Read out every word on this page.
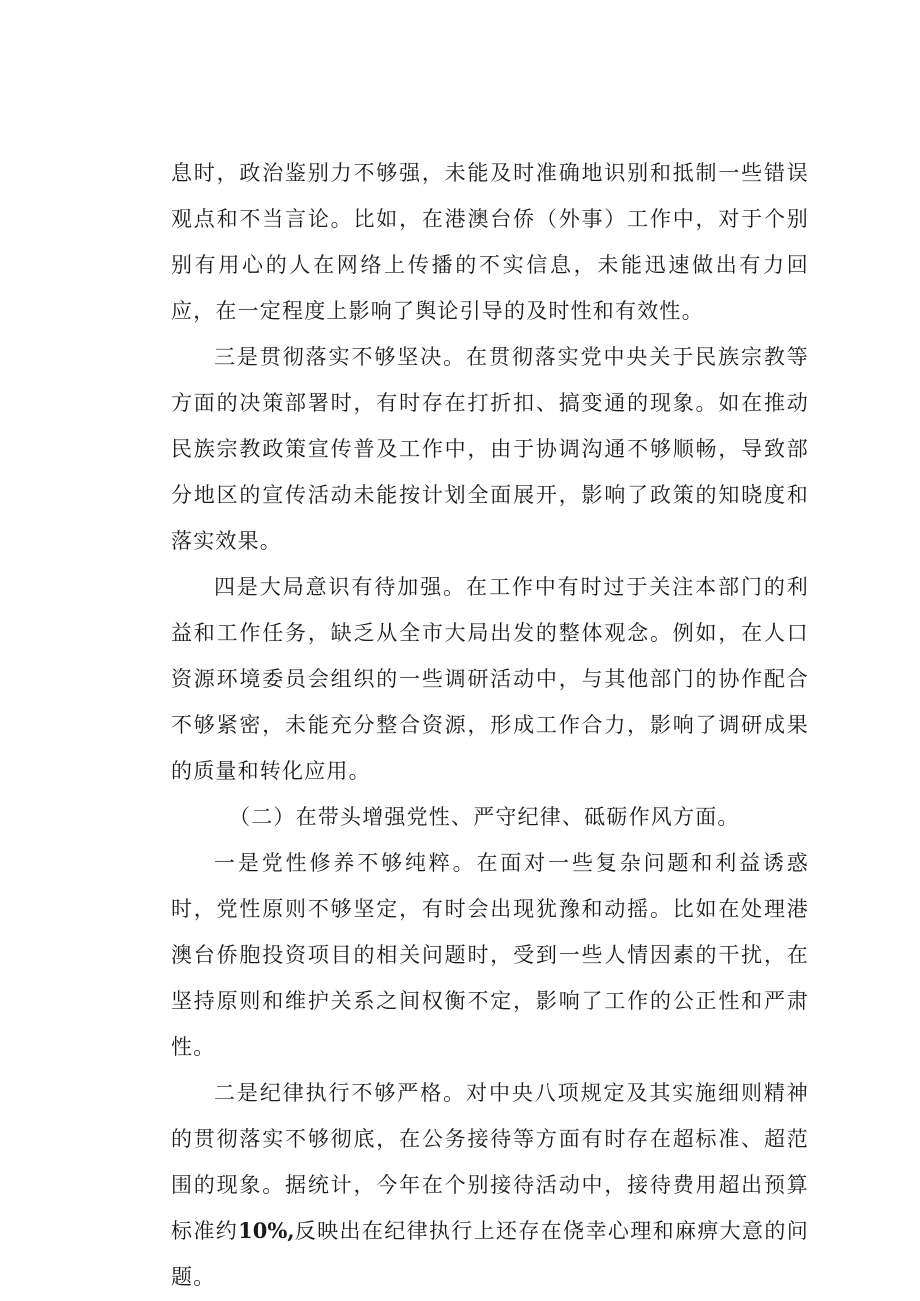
息时，政治鉴别力不够强，未能及时准确地识别和抵制一些错误观点和不当言论。比如，在港澳台侨（外事）工作中，对于个别别有用心的人在网络上传播的不实信息，未能迅速做出有力回应，在一定程度上影响了舆论引导的及时性和有效性。

三是贯彻落实不够坚决。在贯彻落实党中央关于民族宗教等方面的决策部署时，有时存在打折扣、搞变通的现象。如在推动民族宗教政策宣传普及工作中，由于协调沟通不够顺畅，导致部分地区的宣传活动未能按计划全面展开，影响了政策的知晓度和落实效果。

四是大局意识有待加强。在工作中有时过于关注本部门的利益和工作任务，缺乏从全市大局出发的整体观念。例如，在人口资源环境委员会组织的一些调研活动中，与其他部门的协作配合不够紧密，未能充分整合资源，形成工作合力，影响了调研成果的质量和转化应用。

（二）在带头增强党性、严守纪律、砥砺作风方面。

一是党性修养不够纯粹。在面对一些复杂问题和利益诱惑时，党性原则不够坚定，有时会出现犹豫和动摇。比如在处理港澳台侨胞投资项目的相关问题时，受到一些人情因素的干扰，在坚持原则和维护关系之间权衡不定，影响了工作的公正性和严肃性。

二是纪律执行不够严格。对中央八项规定及其实施细则精神的贯彻落实不够彻底，在公务接待等方面有时存在超标准、超范围的现象。据统计，今年在个别接待活动中，接待费用超出预算标准约10%,反映出在纪律执行上还存在侥幸心理和麻痹大意的问题。
